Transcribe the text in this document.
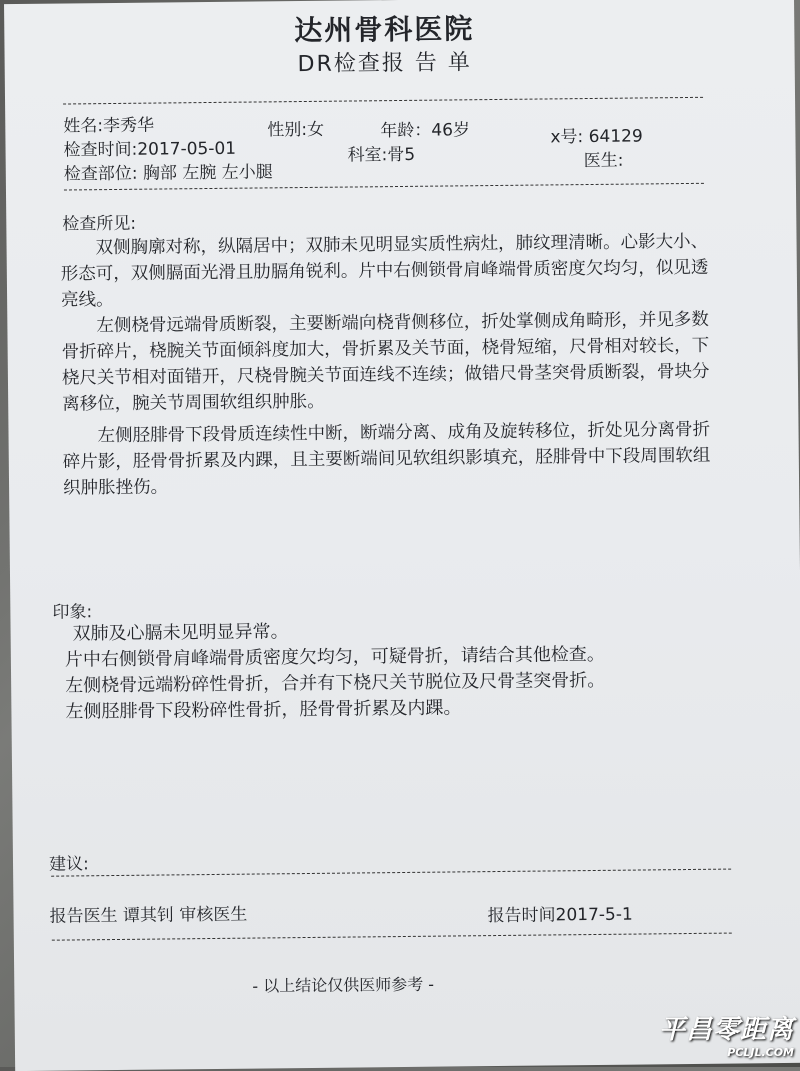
达州骨科医院
DR检查报 告 单
姓名:李秀华	性别:女	年龄：46岁	x号: 64129
检查时间:2017-05-01	科室:骨5	医生:
检查部位: 胸部 左腕 左小腿
检查所见:

双侧胸廓对称，纵隔居中；双肺未见明显实质性病灶，肺纹理清晰。心影大小、形态可，双侧膈面光滑且肋膈角锐利。片中右侧锁骨肩峰端骨质密度欠均匀，似见透亮线。

左侧桡骨远端骨质断裂，主要断端向桡背侧移位，折处掌侧成角畸形，并见多数骨折碎片，桡腕关节面倾斜度加大，骨折累及关节面，桡骨短缩，尺骨相对较长，下桡尺关节相对面错开，尺桡骨腕关节面连线不连续；做错尺骨茎突骨质断裂，骨块分离移位，腕关节周围软组织肿胀。

左侧胫腓骨下段骨质连续性中断，断端分离、成角及旋转移位，折处见分离骨折碎片影，胫骨骨折累及内踝，且主要断端间见软组织影填充，胫腓骨中下段周围软组织肿胀挫伤。

印象:
双肺及心膈未见明显异常。
片中右侧锁骨肩峰端骨质密度欠均匀，可疑骨折，请结合其他检查。
左侧桡骨远端粉碎性骨折，合并有下桡尺关节脱位及尺骨茎突骨折。
左侧胫腓骨下段粉碎性骨折，胫骨骨折累及内踝。
建议:
报告医生 谭其钊 审核医生	报告时间2017-5-1
- 以上结论仅供医师参考 -
平昌零距离
PCLJL.COM
